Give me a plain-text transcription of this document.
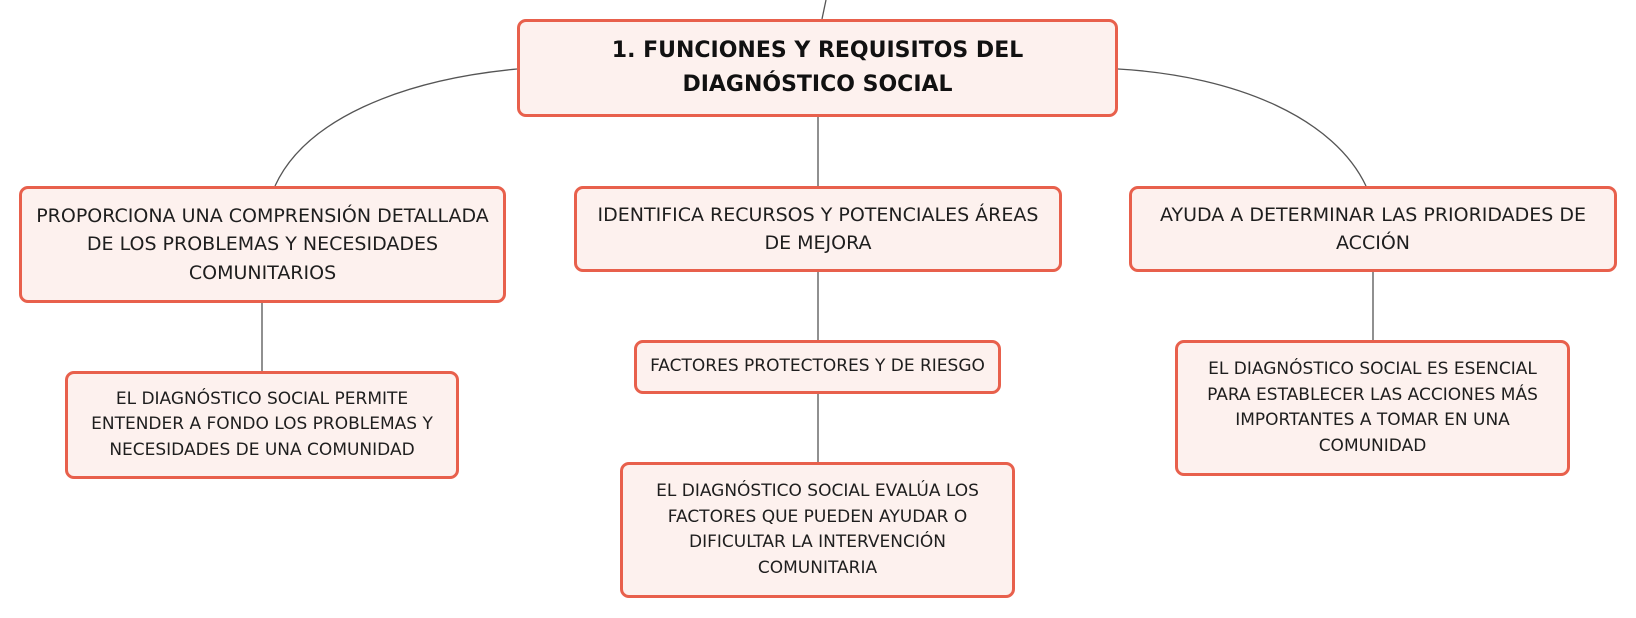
1. FUNCIONES Y REQUISITOS DEL DIAGNÓSTICO SOCIAL
PROPORCIONA UNA COMPRENSIÓN DETALLADA DE LOS PROBLEMAS Y NECESIDADES COMUNITARIOS
IDENTIFICA RECURSOS Y POTENCIALES ÁREAS DE MEJORA
AYUDA A DETERMINAR LAS PRIORIDADES DE ACCIÓN
EL DIAGNÓSTICO SOCIAL PERMITE ENTENDER A FONDO LOS PROBLEMAS Y NECESIDADES DE UNA COMUNIDAD
FACTORES PROTECTORES Y DE RIESGO
EL DIAGNÓSTICO SOCIAL EVALÚA LOS FACTORES QUE PUEDEN AYUDAR O DIFICULTAR LA INTERVENCIÓN COMUNITARIA
EL DIAGNÓSTICO SOCIAL ES ESENCIAL PARA ESTABLECER LAS ACCIONES MÁS IMPORTANTES A TOMAR EN UNA COMUNIDAD
